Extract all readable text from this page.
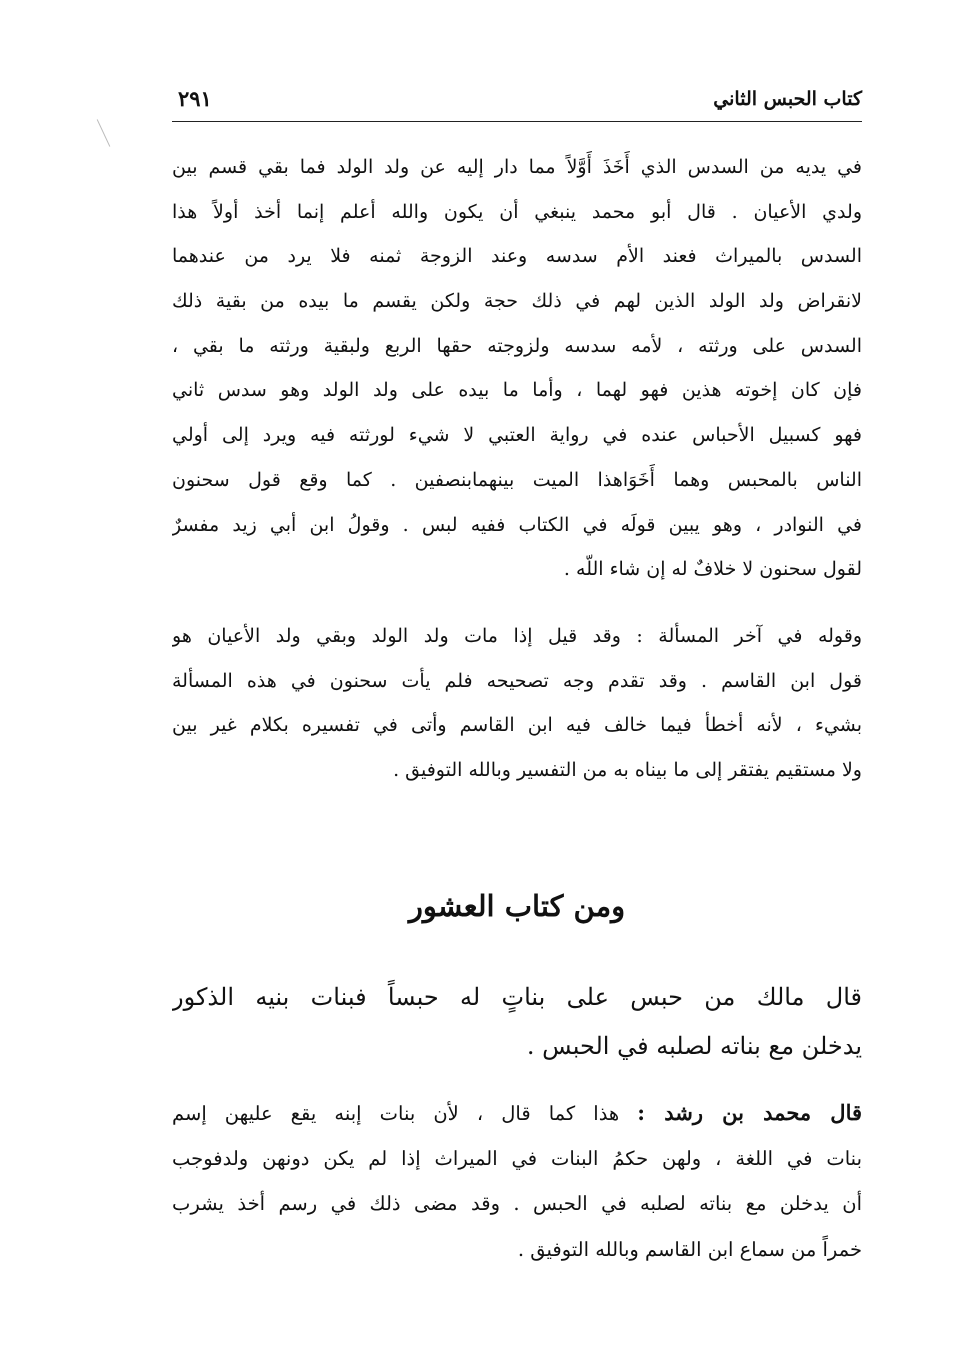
كتاب الحبس الثاني
٢٩١
في يديه من السدس الذي أَخَذَ أَوَّلاً مما دار إليه عن ولد الولد فما بقي قسم بين
ولدي الأعيان . قال أبو محمد ينبغي أن يكون والله أعلم إنما أخذ أولاً هذا
السدس بالميراث فعند الأم سدسه وعند الزوجة ثمنه فلا يرد من عندهما
لانقراض ولد الولد الذين لهم في ذلك حجة ولكن يقسم ما بيده من بقية ذلك
السدس على ورثته ، لأمه سدسه ولزوجته حقها الربع ولبقية ورثته ما بقي ،
فإن كان إخوته هذين فهو لهما ، وأما ما بيده على ولد الولد وهو سدس ثاني
فهو كسبيل الأحباس عنده في رواية العتبي لا شيء لورثته فيه ويرد إلى أولي
الناس بالمحبس وهما أَخَوَاهذا الميت بينهمابنصفين . كما وقع قول سحنون
في النوادر ، وهو يبين قولَه في الكتاب ففيه لبس . وقولُ ابن أبي زيد مفسرٌ
لقول سحنون لا خلافٌ له إن شاء اللّه .
وقوله في آخر المسألة : وقد قيل إذا مات ولد الولد وبقي ولد الأعيان هو
قول ابن القاسم . وقد تقدم وجه تصحيحه فلم يأت سحنون في هذه المسألة
بشيء ، لأنه أخطأ فيما خالف فيه ابن القاسم وأتى في تفسيره بكلام غير بين
ولا مستقيم يفتقر إلى ما بيناه به من التفسير وبالله التوفيق .
ومن كتاب العشور
قال مالك من حبس على بناتٍ له حبساً فبنات بنيه الذكور
يدخلن مع بناته لصلبه في الحبس .
قال محمد بن رشد : هذا كما قال ، لأن بنات إبنه يقع عليهن إسم
بنات في اللغة ، ولهن حكمُ البنات في الميراث إذا لم يكن دونهن ولدفوجب
أن يدخلن مع بناته لصلبه في الحبس . وقد مضى ذلك في رسم أخذ يشرب
خمراً من سماع ابن القاسم وبالله التوفيق .
